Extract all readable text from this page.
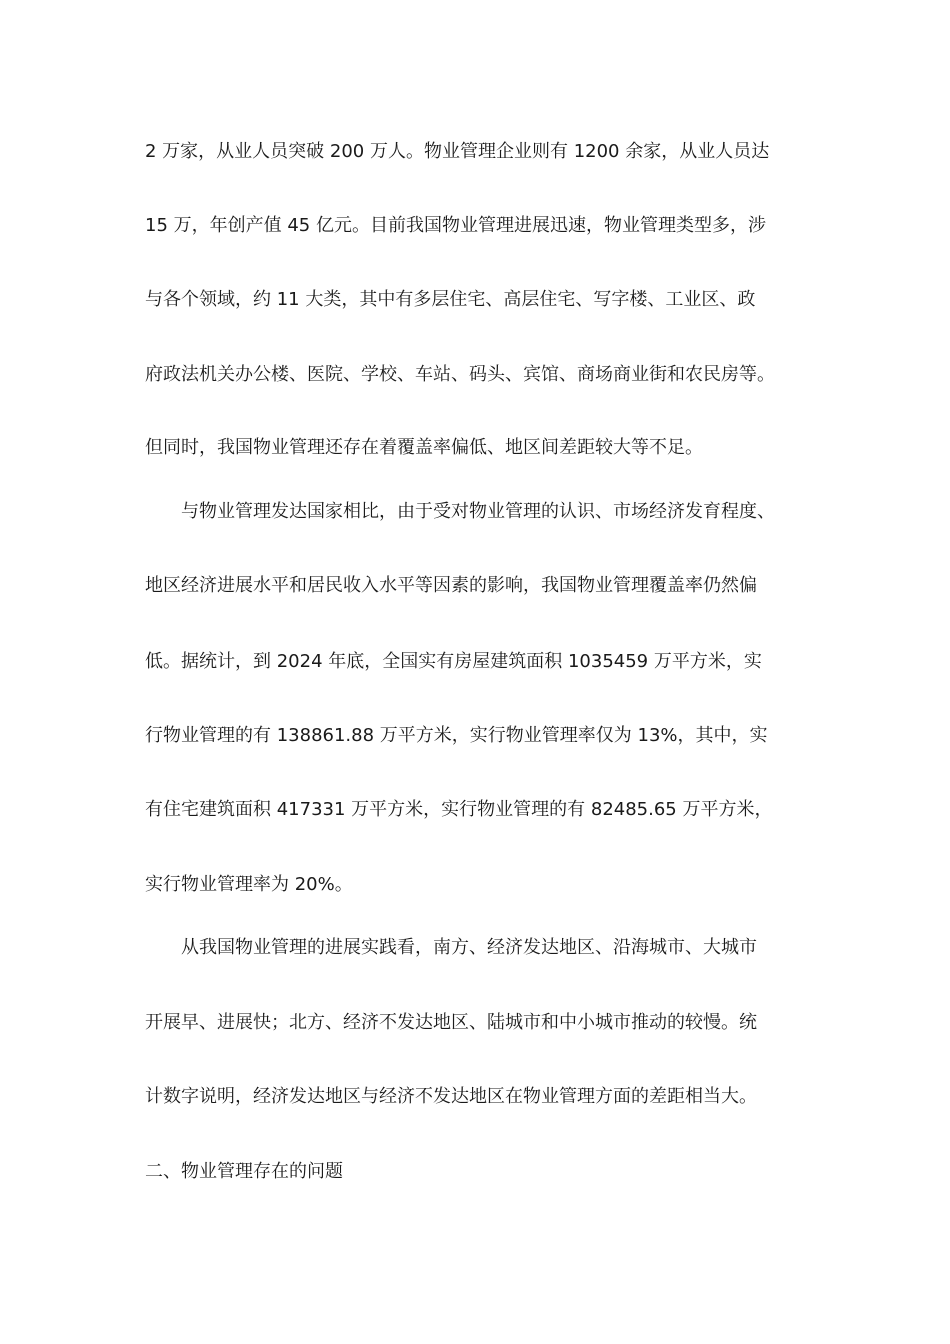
2 万家，从业人员突破 200 万人。物业管理企业则有 1200 余家，从业人员达
15 万，年创产值 45 亿元。目前我国物业管理进展迅速，物业管理类型多，涉
与各个领域，约 11 大类，其中有多层住宅、高层住宅、写字楼、工业区、政
府政法机关办公楼、医院、学校、车站、码头、宾馆、商场商业街和农民房等。
但同时，我国物业管理还存在着覆盖率偏低、地区间差距较大等不足。
与物业管理发达国家相比，由于受对物业管理的认识、市场经济发育程度、
地区经济进展水平和居民收入水平等因素的影响，我国物业管理覆盖率仍然偏
低。据统计，到 2024 年底，全国实有房屋建筑面积 1035459 万平方米，实
行物业管理的有 138861.88 万平方米，实行物业管理率仅为 13%，其中，实
有住宅建筑面积 417331 万平方米，实行物业管理的有 82485.65 万平方米，
实行物业管理率为 20%。
从我国物业管理的进展实践看，南方、经济发达地区、沿海城市、大城市
开展早、进展快；北方、经济不发达地区、陆城市和中小城市推动的较慢。统
计数字说明，经济发达地区与经济不发达地区在物业管理方面的差距相当大。
二、物业管理存在的问题
